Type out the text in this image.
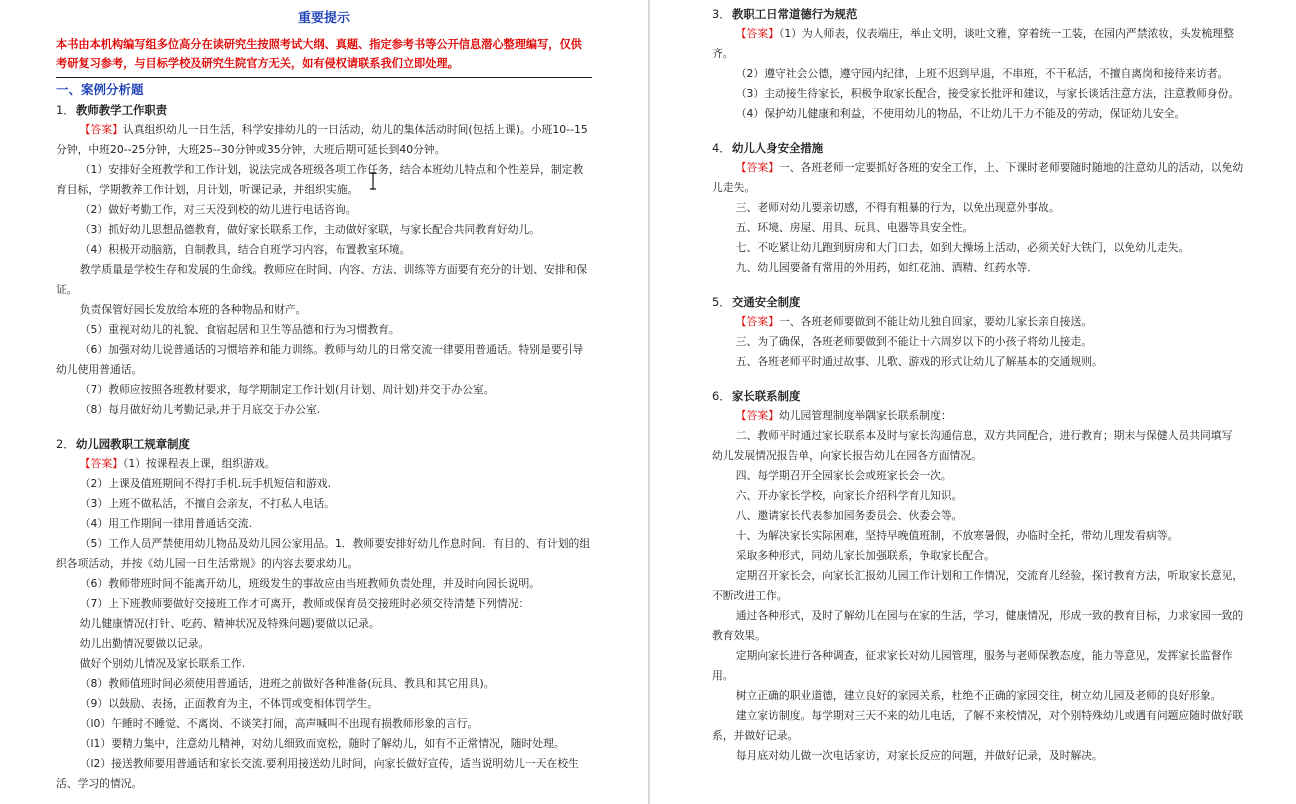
重要提示

本书由本机构编写组多位高分在读研究生按照考试大纲、真题、指定参考书等公开信息潜心整理编写，仅供考研复习参考，与目标学校及研究生院官方无关，如有侵权请联系我们立即处理。

一、案例分析题

1．教师教学工作职责

【答案】认真组织幼儿一日生活，科学安排幼儿的一日活动，幼儿的集体活动时间(包括上课)。小班10--15分钟，中班20--25分钟，大班25--30分钟或35分钟，大班后期可延长到40分钟。

（1）安排好全班教学和工作计划，说法完成各班级各项工作任务，结合本班幼儿特点和个性差异，制定教育目标，学期教养工作计划，月计划，听课记录，并组织实施。

（2）做好考勤工作，对三天没到校的幼儿进行电话咨询。

（3）抓好幼儿思想品德教育，做好家长联系工作，主动做好家联，与家长配合共同教育好幼儿。

（4）积极开动脑筋，自制教具，结合自班学习内容，布置教室环境。

教学质量是学校生存和发展的生命线。教师应在时间、内容、方法、训练等方面要有充分的计划、安排和保证。

负责保管好园长发放给本班的各种物品和财产。

（5）重视对幼儿的礼貌、食宿起居和卫生等品德和行为习惯教育。

（6）加强对幼儿说普通话的习惯培养和能力训练。教师与幼儿的日常交流一律要用普通话。特别是要引导幼儿使用普通话。

（7）教师应按照各班教材要求，每学期制定工作计划(月计划、周计划)并交于办公室。

（8）每月做好幼儿考勤记录,并于月底交于办公室.

2．幼儿园教职工规章制度

【答案】（1）按课程表上课，组织游戏。

（2）上课及值班期间不得打手机.玩手机短信和游戏.

（3）上班不做私活，不擅自会亲友，不打私人电话。

（4）用工作期间一律用普通话交流.

（5）工作人员严禁使用幼儿物品及幼儿园公家用品。1．教师要安排好幼儿作息时间．有目的、有计划的组织各项活动，并按《幼儿园一日生活常规》的内容去要求幼儿。

（6）教师带班时间不能离开幼儿，班级发生的事故应由当班教师负责处理，并及时向园长说明。

（7）上下班教师要做好交接班工作才可离开，教师或保育员交接班时必须交待清楚下列情况：

幼儿健康情况(打针、吃药、精神状况及特殊问题)要做以记录。

幼儿出勤情况要做以记录。

做好个别幼儿情况及家长联系工作.

（8）教师值班时间必须使用普通话，进班之前做好各种准备(玩具、教具和其它用具)。

（9）以鼓励、表扬，正面教育为主，不体罚或变相体罚学生。

（l0）午睡时不睡觉、不离岗、不谈笑打闹，高声喊叫不出现有损教师形象的言行。

（l1）要精力集中，注意幼儿精神，对幼儿细致而宽松，随时了解幼儿，如有不正常情况，随时处理。

（l2）接送教师要用普通话和家长交流.要利用接送幼儿时间，向家长做好宣传，适当说明幼儿一天在校生活、学习的情况。

3．教职工日常道德行为规范

【答案】（1）为人师表，仪表端庄，举止文明，谈吐文雅，穿着统一工装，在园内严禁浓妆，头发梳理整齐。

（2）遵守社会公德，遵守园内纪律，上班不迟到早退，不串班，不干私活，不擅自离岗和接待来访者。

（3）主动接生待家长，积极争取家长配合，接受家长批评和建议，与家长谈话注意方法，注意教师身份。

（4）保护幼儿健康和利益，不使用幼儿的物品，不让幼儿干力不能及的劳动，保证幼儿安全。

4．幼儿人身安全措施

【答案】一、各班老师一定要抓好各班的安全工作，上、下课时老师要随时随地的注意幼儿的活动，以免幼儿走失。

三、老师对幼儿要亲切感，不得有粗暴的行为，以免出现意外事故。

五、环境、房屋、用具、玩具、电器等具安全性。

七、不吃紧让幼儿跑到厨房和大门口去，如到大操场上活动，必须关好大铁门，以免幼儿走失。

九、幼儿园要备有常用的外用药，如红花油、酒精、红药水等．

5．交通安全制度

【答案】一、各班老师要做到不能让幼儿独自回家，要幼儿家长亲自接送。

三、为了确保，各班老师要做到不能让十六周岁以下的小孩子将幼儿接走。

五、各班老师平时通过故事、儿歌、游戏的形式让幼儿了解基本的交通规则。

6．家长联系制度

【答案】幼儿园管理制度举隅家长联系制度：

二、教师平时通过家长联系本及时与家长沟通信息，双方共同配合，进行教育；期末与保健人员共同填写 幼儿发展情况报告单，向家长报告幼儿在园各方面情况。

四、每学期召开全园家长会或班家长会一次。

六、开办家长学校，向家长介绍科学育儿知识。

八、邀请家长代表参加园务委员会、伙委会等。

十、为解决家长实际困难，坚持早晚值班制，不放寒暑假，办临时全托，带幼儿理发看病等。

采取多种形式，同幼儿家长加强联系，争取家长配合。

定期召开家长会，向家长汇报幼儿园工作计划和工作情况，交流育儿经验，探讨教育方法，听取家长意见，不断改进工作。

通过各种形式，及时了解幼儿在园与在家的生活，学习，健康情况，形成一致的教育目标，力求家园一致的教育效果。

定期向家长进行各种调查，征求家长对幼儿园管理，服务与老师保教态度，能力等意见，发挥家长监督作用。

树立正确的职业道德，建立良好的家园关系，杜绝不正确的家园交往，树立幼儿园及老师的良好形象。

建立家访制度。每学期对三天不来的幼儿电话，了解不来校情况，对个别特殊幼儿或遇有问题应随时做好联系，并做好记录。

每月底对幼儿做一次电话家访，对家长反应的问题，并做好记录，及时解决。
